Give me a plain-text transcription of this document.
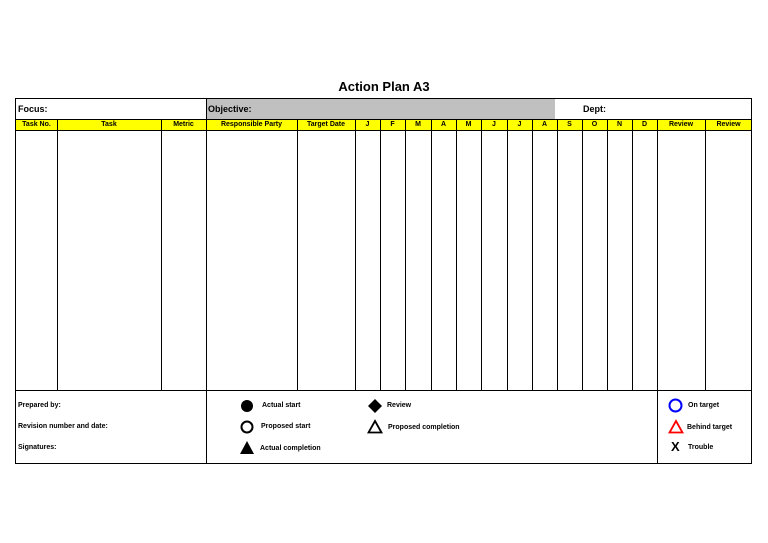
Action Plan A3
Focus:	Objective:	Dept:
Task No.	Task	Metric	Responsible Party	Target Date	J	F	M	A	M	J	J	A	S	O	N	D	Review	Review
Prepared by:
Revision number and date:
Signatures:
Actual start
Proposed start
Actual completion
Review
Proposed completion
On target
Behind target
X Trouble
